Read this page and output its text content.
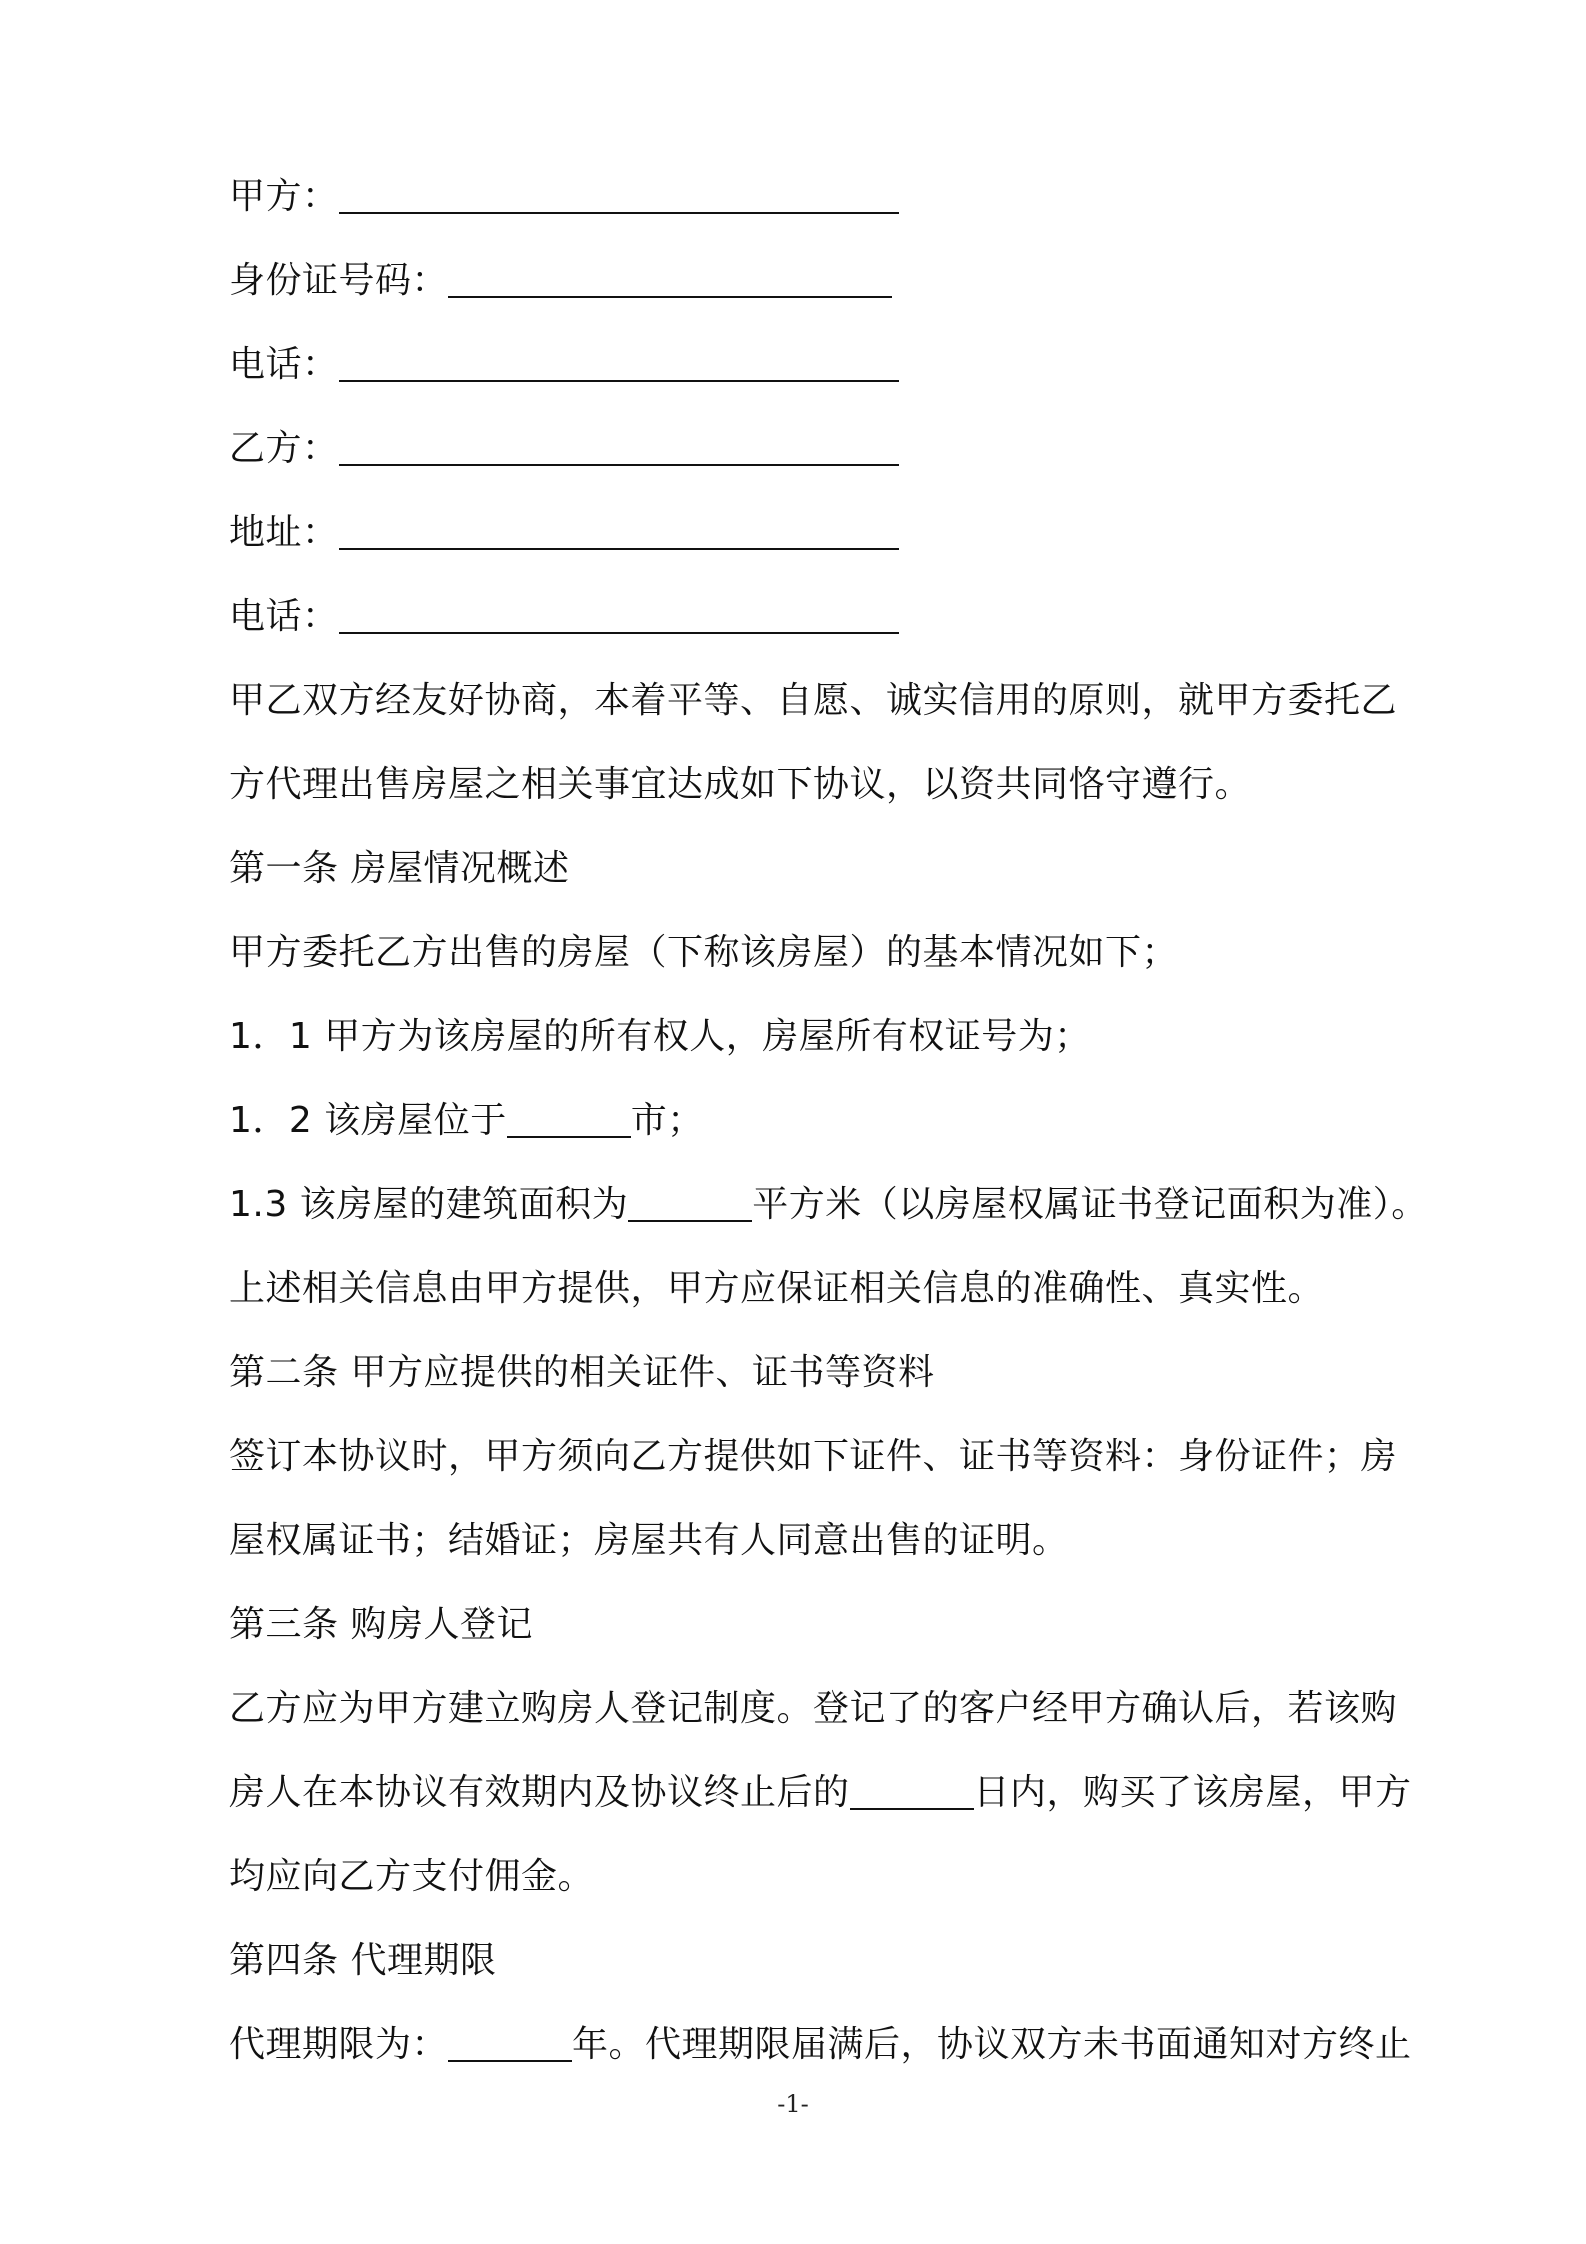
甲方：
身份证号码：
电话：
乙方：
地址：
电话：
甲乙双方经友好协商，本着平等、自愿、诚实信用的原则，就甲方委托乙
方代理出售房屋之相关事宜达成如下协议，以资共同恪守遵行。
第一条 房屋情况概述
甲方委托乙方出售的房屋（下称该房屋）的基本情况如下；
1．1 甲方为该房屋的所有权人，房屋所有权证号为；
1．2 该房屋位于	市；
1.3 该房屋的建筑面积为	平方米（以房屋权属证书登记面积为准）。
上述相关信息由甲方提供，甲方应保证相关信息的准确性、真实性。
第二条 甲方应提供的相关证件、证书等资料
签订本协议时，甲方须向乙方提供如下证件、证书等资料：身份证件；房
屋权属证书；结婚证；房屋共有人同意出售的证明。
第三条 购房人登记
乙方应为甲方建立购房人登记制度。登记了的客户经甲方确认后，若该购
房人在本协议有效期内及协议终止后的	日内，购买了该房屋，甲方
均应向乙方支付佣金。
第四条 代理期限
代理期限为：	年。代理期限届满后，协议双方未书面通知对方终止
-1-
